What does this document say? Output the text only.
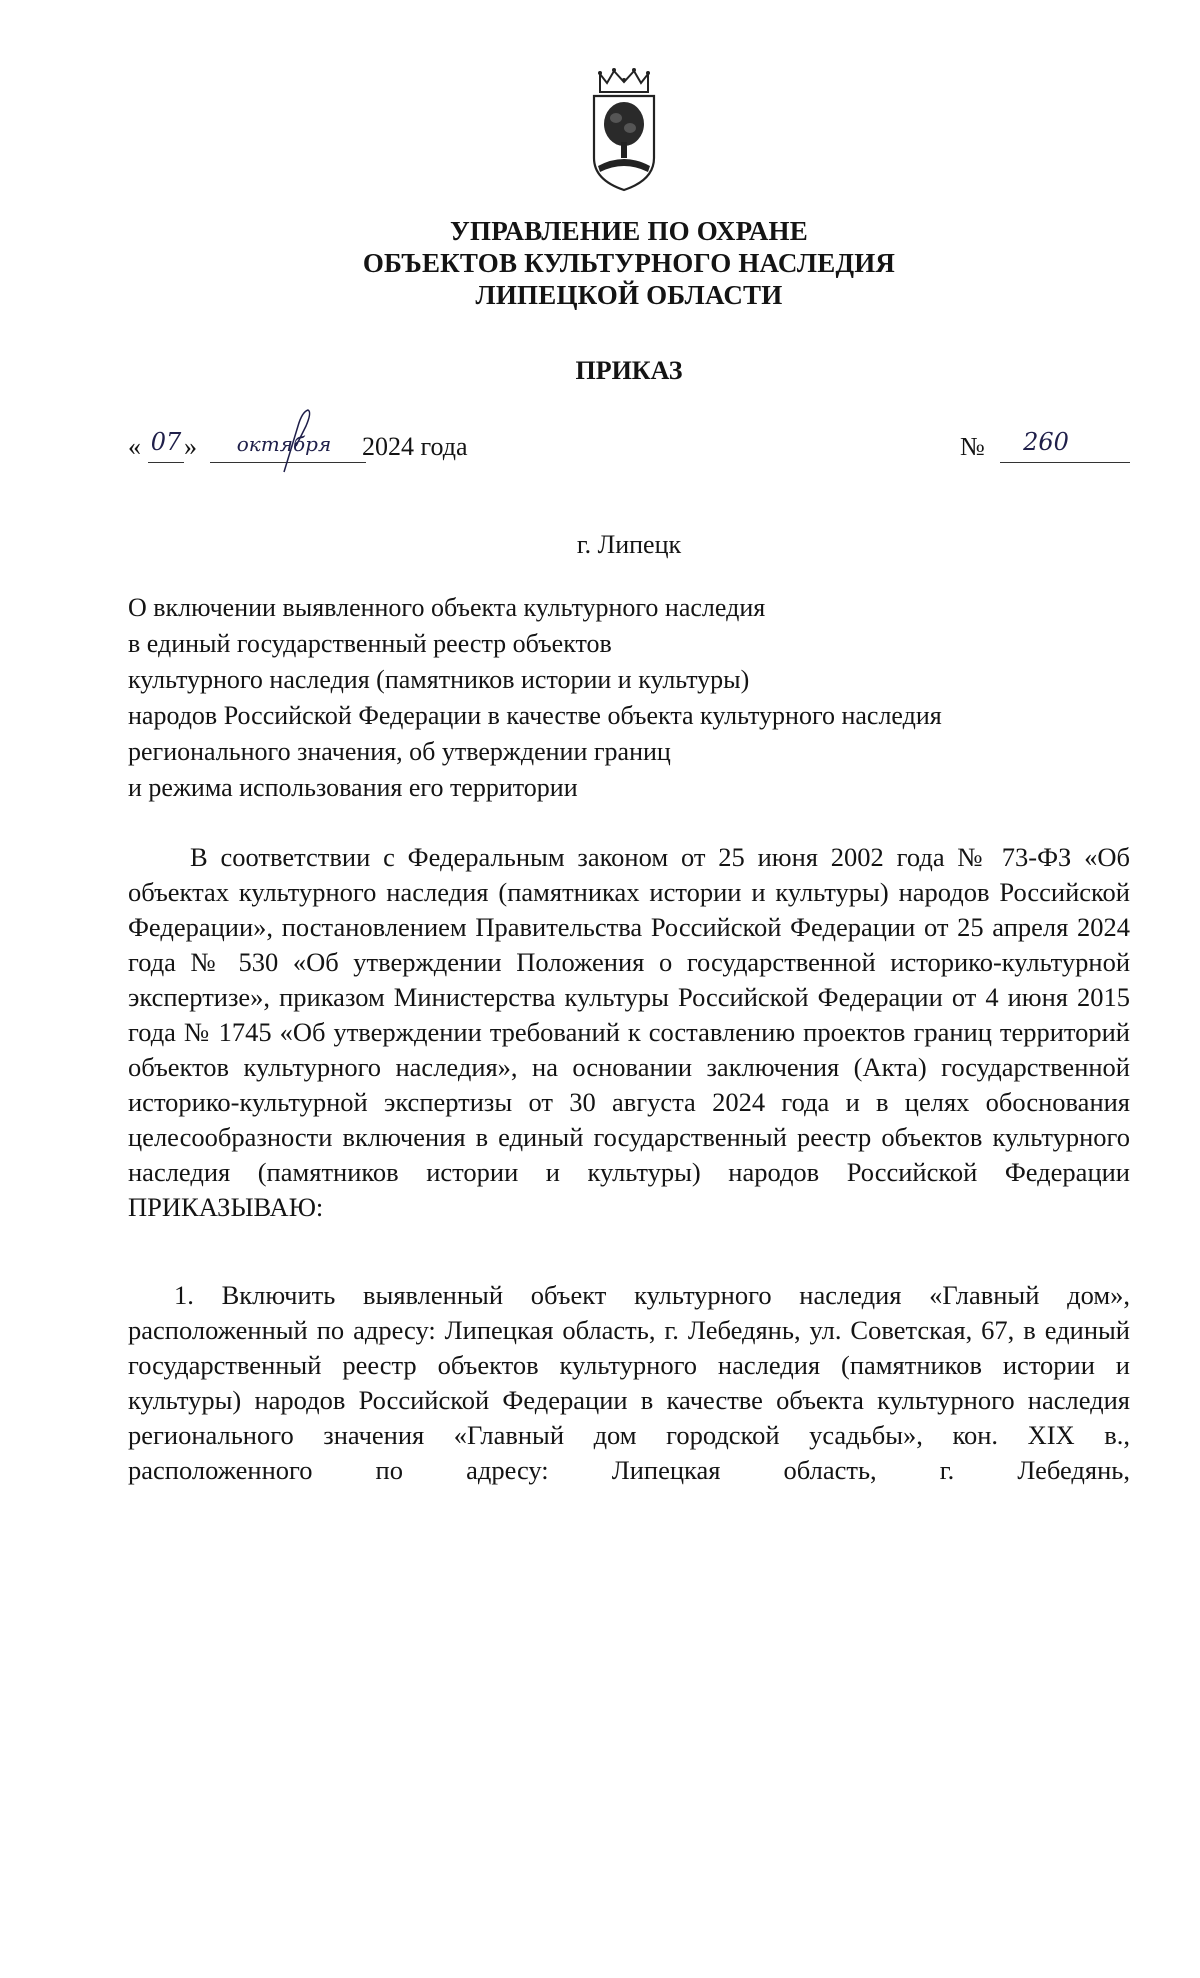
УПРАВЛЕНИЕ ПО ОХРАНЕ
ОБЪЕКТОВ КУЛЬТУРНОГО НАСЛЕДИЯ
ЛИПЕЦКОЙ ОБЛАСТИ
ПРИКАЗ
« 07 »	октября	2024 года	№	260
г. Липецк
О включении выявленного объекта культурного наследия
в единый государственный реестр объектов
культурного наследия (памятников истории и культуры)
народов Российской Федерации в качестве объекта культурного наследия
регионального значения, об утверждении границ
и режима использования его территории
В соответствии с Федеральным законом от 25 июня 2002 года № 73-ФЗ «Об объектах культурного наследия (памятниках истории и культуры) народов Российской Федерации», постановлением Правительства Российской Федерации от 25 апреля 2024 года № 530 «Об утверждении Положения о государственной историко-культурной экспертизе», приказом Министерства культуры Российской Федерации от 4 июня 2015 года № 1745 «Об утверждении требований к составлению проектов границ территорий объектов культурного наследия», на основании заключения (Акта) государственной историко-культурной экспертизы от 30 августа 2024 года и в целях обоснования целесообразности включения в единый государственный реестр объектов культурного наследия (памятников истории и культуры) народов Российской Федерации ПРИКАЗЫВАЮ:
1. Включить выявленный объект культурного наследия «Главный дом», расположенный по адресу: Липецкая область, г. Лебедянь, ул. Советская, 67, в единый государственный реестр объектов культурного наследия (памятников истории и культуры) народов Российской Федерации в качестве объекта культурного наследия регионального значения «Главный дом городской усадьбы», кон. XIX в., расположенного по адресу: Липецкая область, г. Лебедянь,
